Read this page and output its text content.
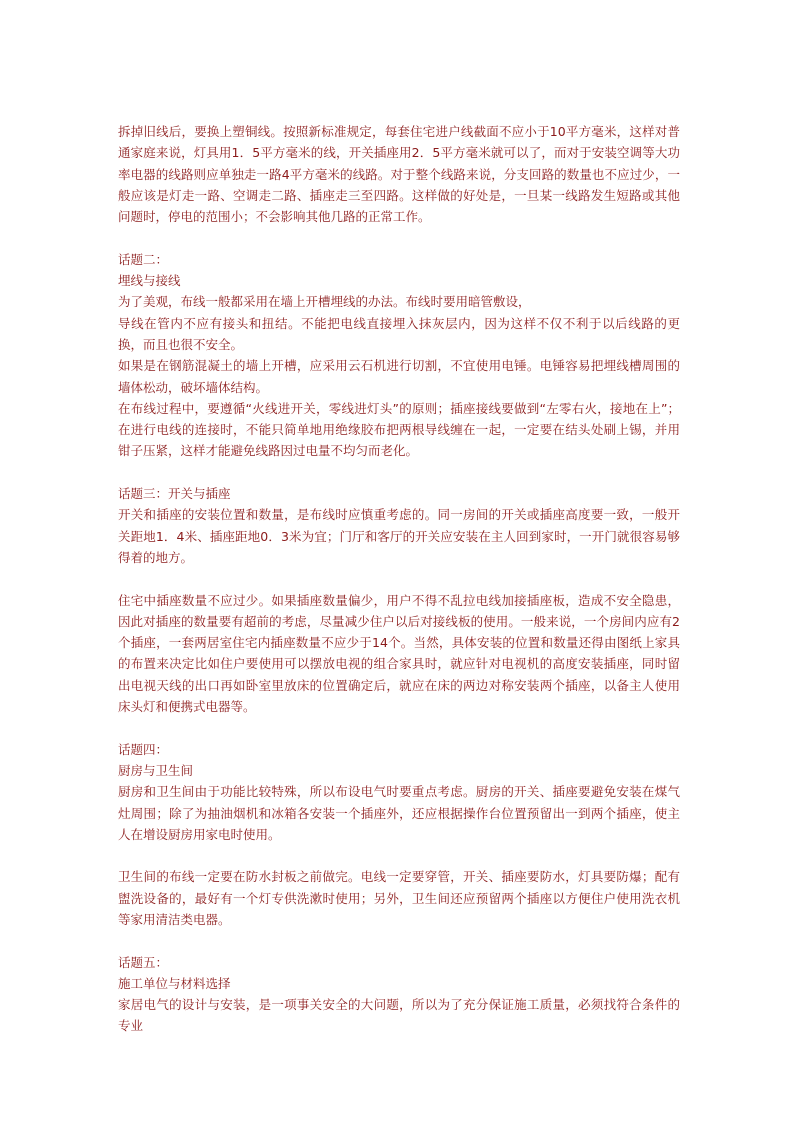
拆掉旧线后，要换上塑铜线。按照新标准规定，每套住宅进户线截面不应小于10平方毫米，这样对普通家庭来说，灯具用1．5平方毫米的线，开关插座用2．5平方毫米就可以了，而对于安装空调等大功率电器的线路则应单独走一路4平方毫米的线路。对于整个线路来说，分支回路的数量也不应过少，一般应该是灯走一路、空调走二路、插座走三至四路。这样做的好处是，一旦某一线路发生短路或其他问题时，停电的范围小；不会影响其他几路的正常工作。

话题二：

埋线与接线

为了美观，布线一般都采用在墙上开槽埋线的办法。布线时要用暗管敷设，

导线在管内不应有接头和扭结。不能把电线直接埋入抹灰层内，因为这样不仅不利于以后线路的更换，而且也很不安全。

如果是在钢筋混凝土的墙上开槽，应采用云石机进行切割，不宜使用电锤。电锤容易把埋线槽周围的墙体松动，破坏墙体结构。

在布线过程中，要遵循“火线进开关，零线进灯头”的原则；插座接线要做到“左零右火，接地在上”；在进行电线的连接时，不能只简单地用绝缘胶布把两根导线缠在一起，一定要在结头处刷上锡，并用钳子压紧，这样才能避免线路因过电量不均匀而老化。

话题三：开关与插座

开关和插座的安装位置和数量，是布线时应慎重考虑的。同一房间的开关或插座高度要一致，一般开关距地1．4米、插座距地0．3米为宜；门厅和客厅的开关应安装在主人回到家时，一开门就很容易够得着的地方。

住宅中插座数量不应过少。如果插座数量偏少，用户不得不乱拉电线加接插座板，造成不安全隐患，因此对插座的数量要有超前的考虑，尽量减少住户以后对接线板的使用。一般来说，一个房间内应有2个插座，一套两居室住宅内插座数量不应少于14个。当然，具体安装的位置和数量还得由图纸上家具的布置来决定比如住户要使用可以摆放电视的组合家具时，就应针对电视机的高度安装插座，同时留出电视天线的出口再如卧室里放床的位置确定后，就应在床的两边对称安装两个插座，以备主人使用床头灯和便携式电器等。

话题四：

厨房与卫生间

厨房和卫生间由于功能比较特殊，所以布设电气时要重点考虑。厨房的开关、插座要避免安装在煤气灶周围；除了为抽油烟机和冰箱各安装一个插座外，还应根据操作台位置预留出一到两个插座，使主人在增设厨房用家电时使用。

卫生间的布线一定要在防水封板之前做完。电线一定要穿管，开关、插座要防水，灯具要防爆；配有盥洗设备的，最好有一个灯专供洗漱时使用；另外，卫生间还应预留两个插座以方便住户使用洗衣机等家用清洁类电器。

话题五：

施工单位与材料选择

家居电气的设计与安装，是一项事关安全的大问题，所以为了充分保证施工质量，必须找符合条件的专业
